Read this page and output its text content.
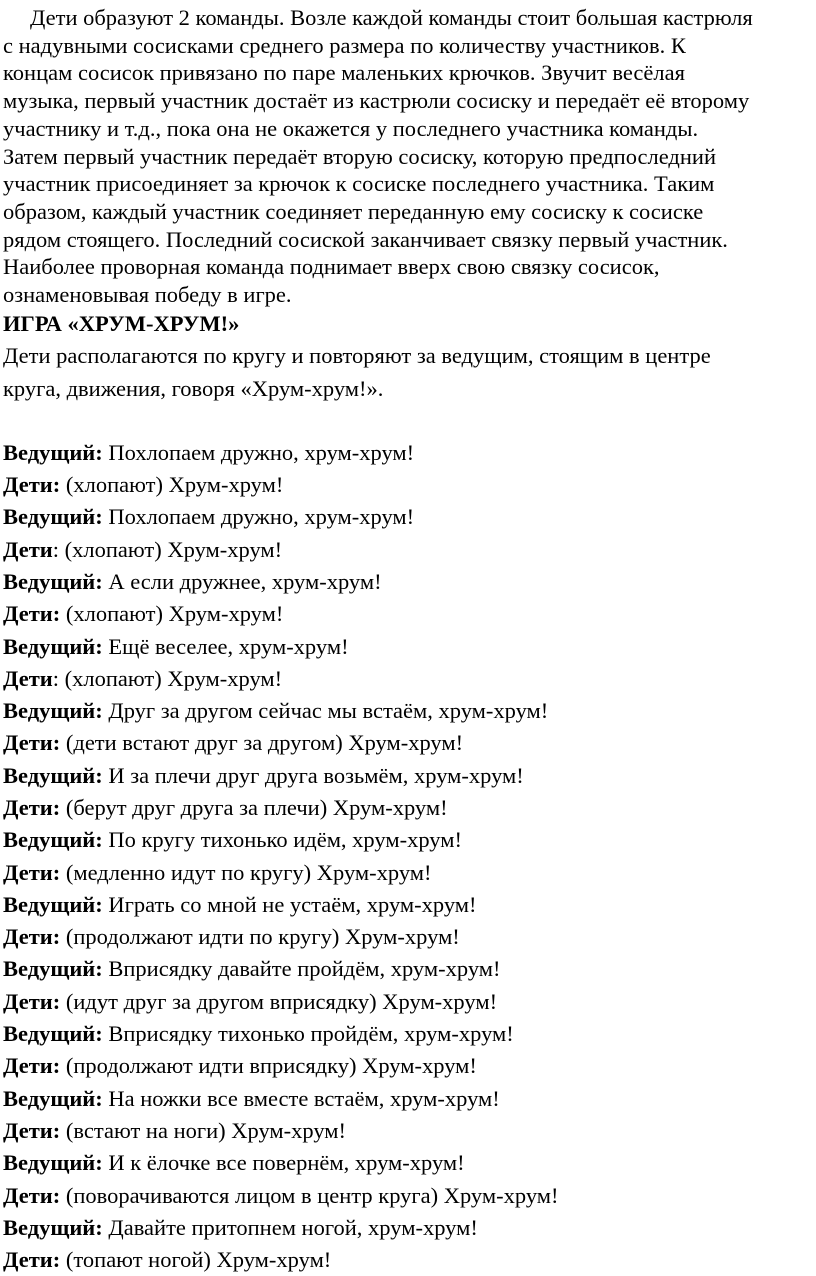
Дети образуют 2 команды. Возле каждой команды стоит большая кастрюля
с надувными сосисками среднего размера по количеству участников. К
концам сосисок привязано по паре маленьких крючков. Звучит весёлая
музыка, первый участник достаёт из кастрюли сосиску и передаёт её второму
участнику и т.д., пока она не окажется у последнего участника команды.
Затем первый участник передаёт вторую сосиску, которую предпоследний
участник присоединяет за крючок к сосиске последнего участника. Таким
образом, каждый участник соединяет переданную ему сосиску к сосиске
рядом стоящего. Последний сосиской заканчивает связку первый участник.
Наиболее проворная команда поднимает вверх свою связку сосисок,
ознаменовывая победу в игре.
ИГРА «ХРУМ-ХРУМ!»
Дети располагаются по кругу и повторяют за ведущим, стоящим в центре
круга, движения, говоря «Хрум-хрум!».
Ведущий: Похлопаем дружно, хрум-хрум!
Дети: (хлопают) Хрум-хрум!
Ведущий: Похлопаем дружно, хрум-хрум!
Дети: (хлопают) Хрум-хрум!
Ведущий: А если дружнее, хрум-хрум!
Дети: (хлопают) Хрум-хрум!
Ведущий: Ещё веселее, хрум-хрум!
Дети: (хлопают) Хрум-хрум!
Ведущий: Друг за другом сейчас мы встаём, хрум-хрум!
Дети: (дети встают друг за другом) Хрум-хрум!
Ведущий: И за плечи друг друга возьмём, хрум-хрум!
Дети: (берут друг друга за плечи) Хрум-хрум!
Ведущий: По кругу тихонько идём, хрум-хрум!
Дети: (медленно идут по кругу) Хрум-хрум!
Ведущий: Играть со мной не устаём, хрум-хрум!
Дети: (продолжают идти по кругу) Хрум-хрум!
Ведущий: Вприсядку давайте пройдём, хрум-хрум!
Дети: (идут друг за другом вприсядку) Хрум-хрум!
Ведущий: Вприсядку тихонько пройдём, хрум-хрум!
Дети: (продолжают идти вприсядку) Хрум-хрум!
Ведущий: На ножки все вместе встаём, хрум-хрум!
Дети: (встают на ноги) Хрум-хрум!
Ведущий: И к ёлочке все повернём, хрум-хрум!
Дети: (поворачиваются лицом в центр круга) Хрум-хрум!
Ведущий: Давайте притопнем ногой, хрум-хрум!
Дети: (топают ногой) Хрум-хрум!
